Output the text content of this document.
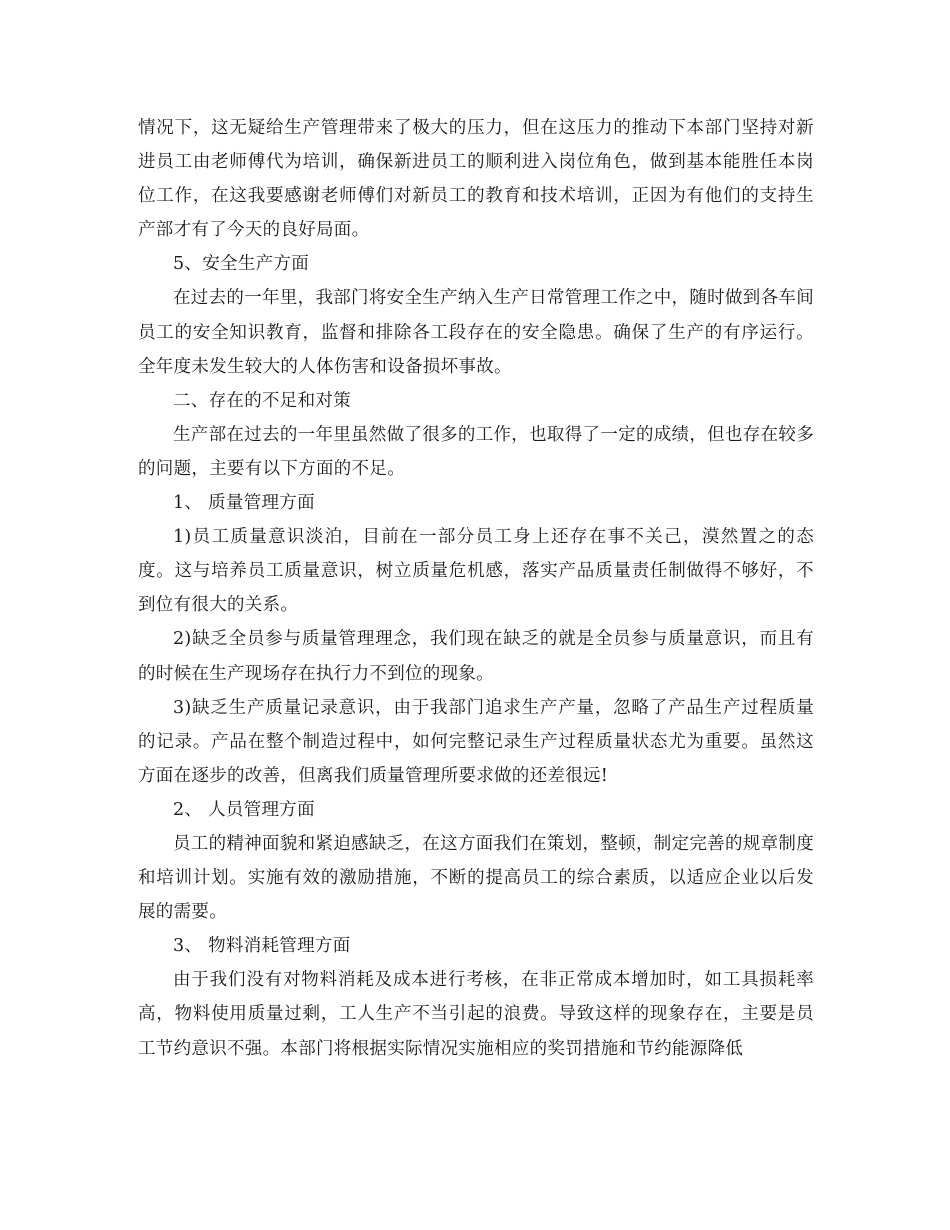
情况下，这无疑给生产管理带来了极大的压力，但在这压力的推动下本部门坚持对新进员工由老师傅代为培训，确保新进员工的顺利进入岗位角色，做到基本能胜任本岗位工作，在这我要感谢老师傅们对新员工的教育和技术培训，正因为有他们的支持生产部才有了今天的良好局面。

5、安全生产方面

在过去的一年里，我部门将安全生产纳入生产日常管理工作之中，随时做到各车间员工的安全知识教育，监督和排除各工段存在的安全隐患。确保了生产的有序运行。全年度未发生较大的人体伤害和设备损坏事故。

二、存在的不足和对策

生产部在过去的一年里虽然做了很多的工作，也取得了一定的成绩，但也存在较多的问题，主要有以下方面的不足。

1、 质量管理方面

1)员工质量意识淡泊，目前在一部分员工身上还存在事不关己，漠然置之的态度。这与培养员工质量意识，树立质量危机感，落实产品质量责任制做得不够好，不到位有很大的关系。

2)缺乏全员参与质量管理理念，我们现在缺乏的就是全员参与质量意识，而且有的时候在生产现场存在执行力不到位的现象。

3)缺乏生产质量记录意识，由于我部门追求生产产量，忽略了产品生产过程质量的记录。产品在整个制造过程中，如何完整记录生产过程质量状态尤为重要。虽然这方面在逐步的改善，但离我们质量管理所要求做的还差很远!

2、 人员管理方面

员工的精神面貌和紧迫感缺乏，在这方面我们在策划，整顿，制定完善的规章制度和培训计划。实施有效的激励措施，不断的提高员工的综合素质，以适应企业以后发展的需要。

3、 物料消耗管理方面

由于我们没有对物料消耗及成本进行考核，在非正常成本增加时，如工具损耗率高，物料使用质量过剩，工人生产不当引起的浪费。导致这样的现象存在，主要是员工节约意识不强。本部门将根据实际情况实施相应的奖罚措施和节约能源降低
